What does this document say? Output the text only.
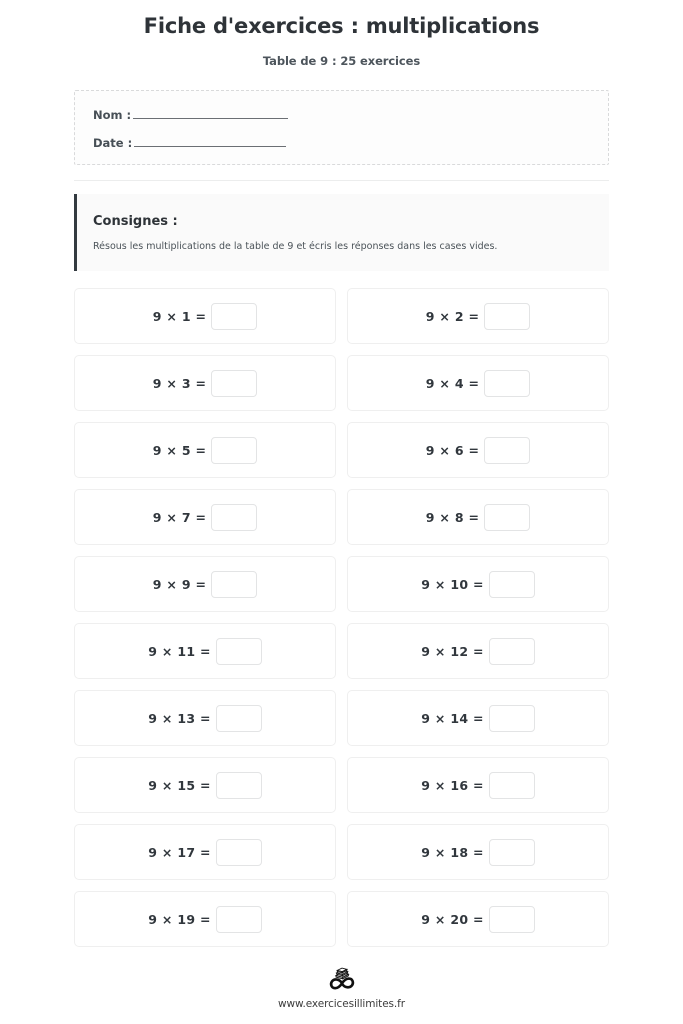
Fiche d'exercices : multiplications
Table de 9 : 25 exercices
Nom :
Date :
Consignes :

Résous les multiplications de la table de 9 et écris les réponses dans les cases vides.

9 × 1 =	9 × 2 =
9 × 3 =	9 × 4 =
9 × 5 =	9 × 6 =
9 × 7 =	9 × 8 =
9 × 9 =	9 × 10 =
9 × 11 =	9 × 12 =
9 × 13 =	9 × 14 =
9 × 15 =	9 × 16 =
9 × 17 =	9 × 18 =
9 × 19 =	9 × 20 =
www.exercicesillimites.fr
